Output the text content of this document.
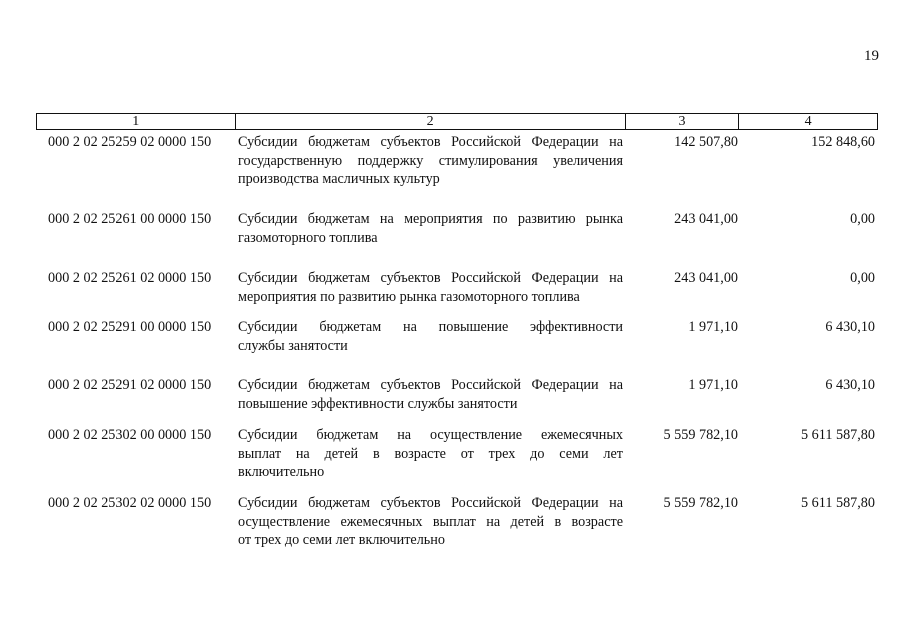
19
1	2	3	4
000 2 02 25259 02 0000 150 Субсидии бюджетам субъектов Российской Федерации на
государственную поддержку стимулирования увеличения
производства масличных культур
142 507,80	152 848,60
000 2 02 25261 00 0000 150 Субсидии бюджетам на мероприятия по развитию рынка
газомоторного топлива
243 041,00	0,00
000 2 02 25261 02 0000 150 Субсидии бюджетам субъектов Российской Федерации на
мероприятия по развитию рынка газомоторного топлива
243 041,00	0,00
000 2 02 25291 00 0000 150 Субсидии бюджетам на повышение эффективности
службы занятости
1 971,10	6 430,10
000 2 02 25291 02 0000 150 Субсидии бюджетам субъектов Российской Федерации на
повышение эффективности службы занятости
1 971,10	6 430,10
000 2 02 25302 00 0000 150 Субсидии бюджетам на осуществление ежемесячных
выплат на детей в возрасте от трех до семи лет
включительно
5 559 782,10	5 611 587,80
000 2 02 25302 02 0000 150 Субсидии бюджетам субъектов Российской Федерации на
осуществление ежемесячных выплат на детей в возрасте
от трех до семи лет включительно
5 559 782,10	5 611 587,80
